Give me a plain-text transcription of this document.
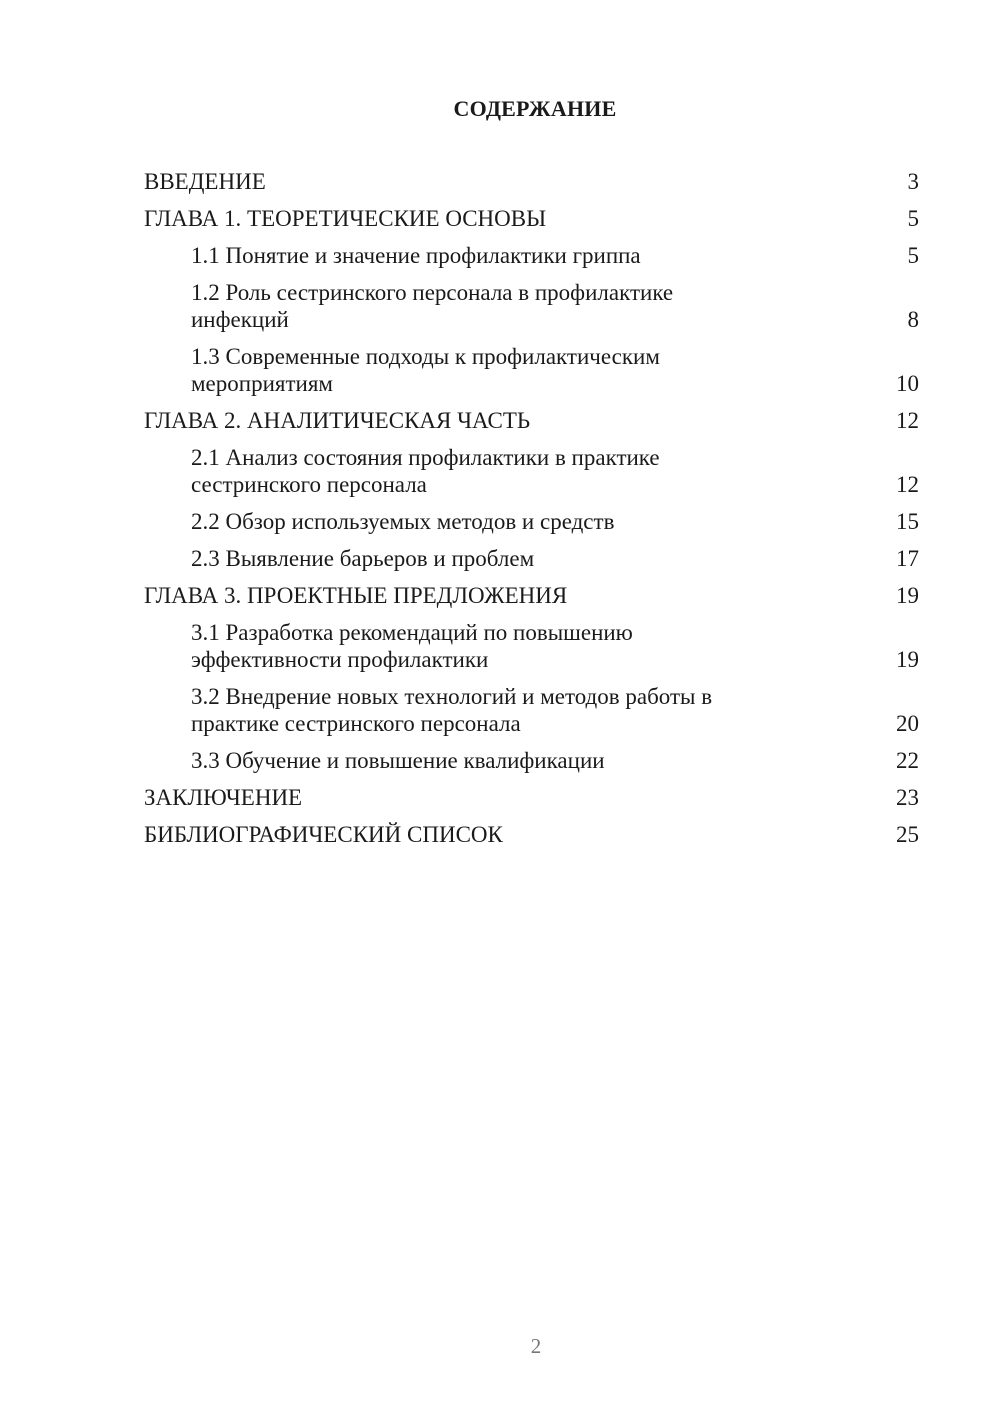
СОДЕРЖАНИЕ
ВВЕДЕНИЕ	3
ГЛАВА 1. ТЕОРЕТИЧЕСКИЕ ОСНОВЫ	5
1.1 Понятие и значение профилактики гриппа	5
1.2 Роль сестринского персонала в профилактике инфекций	8
1.3 Современные подходы к профилактическим мероприятиям	10
ГЛАВА 2. АНАЛИТИЧЕСКАЯ ЧАСТЬ	12
2.1 Анализ состояния профилактики в практике сестринского персонала	12
2.2 Обзор используемых методов и средств	15
2.3 Выявление барьеров и проблем	17
ГЛАВА 3. ПРОЕКТНЫЕ ПРЕДЛОЖЕНИЯ	19
3.1 Разработка рекомендаций по повышению эффективности профилактики	19
3.2 Внедрение новых технологий и методов работы в практике сестринского персонала	20
3.3 Обучение и повышение квалификации	22
ЗАКЛЮЧЕНИЕ	23
БИБЛИОГРАФИЧЕСКИЙ СПИСОК	25
2
